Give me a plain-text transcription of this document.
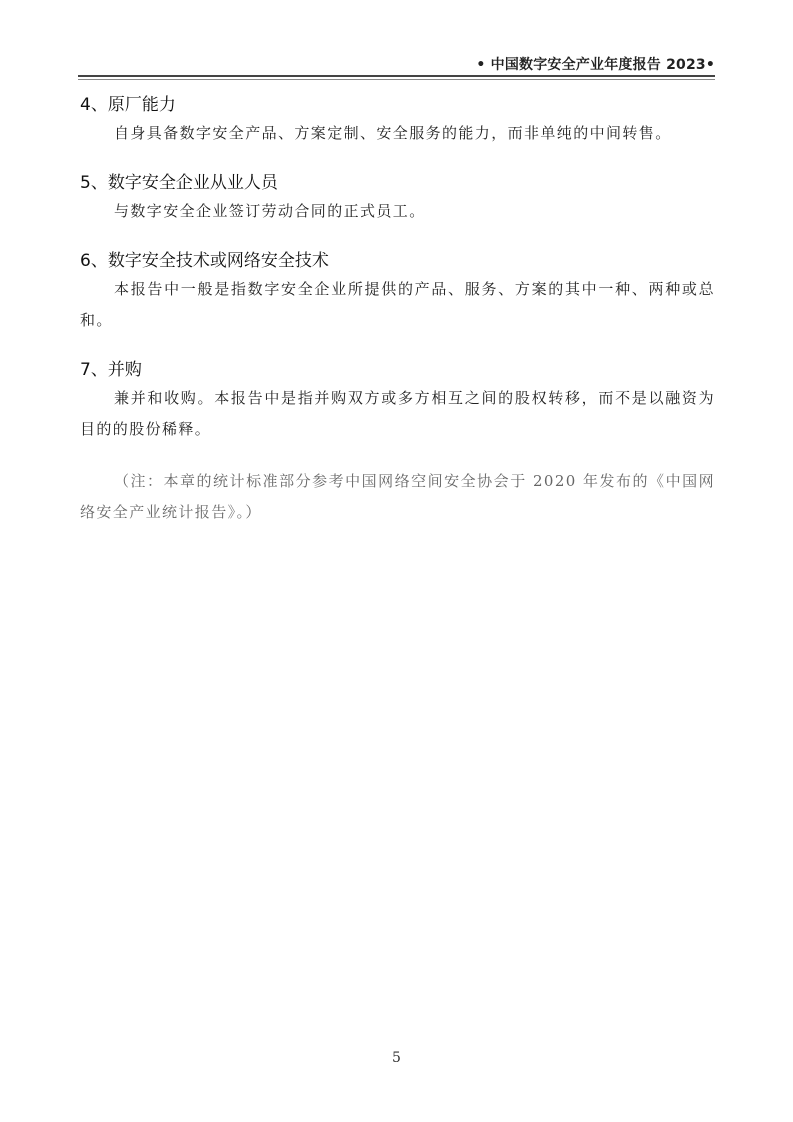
• 中国数字安全产业年度报告 2023•
4、原厂能力
自身具备数字安全产品、方案定制、安全服务的能力，而非单纯的中间转售。
5、数字安全企业从业人员
与数字安全企业签订劳动合同的正式员工。
6、数字安全技术或网络安全技术
本报告中一般是指数字安全企业所提供的产品、服务、方案的其中一种、两种或总和。
7、并购
兼并和收购。本报告中是指并购双方或多方相互之间的股权转移，而不是以融资为目的的股份稀释。
（注：本章的统计标准部分参考中国网络空间安全协会于 2020 年发布的《中国网络安全产业统计报告》。）
5
